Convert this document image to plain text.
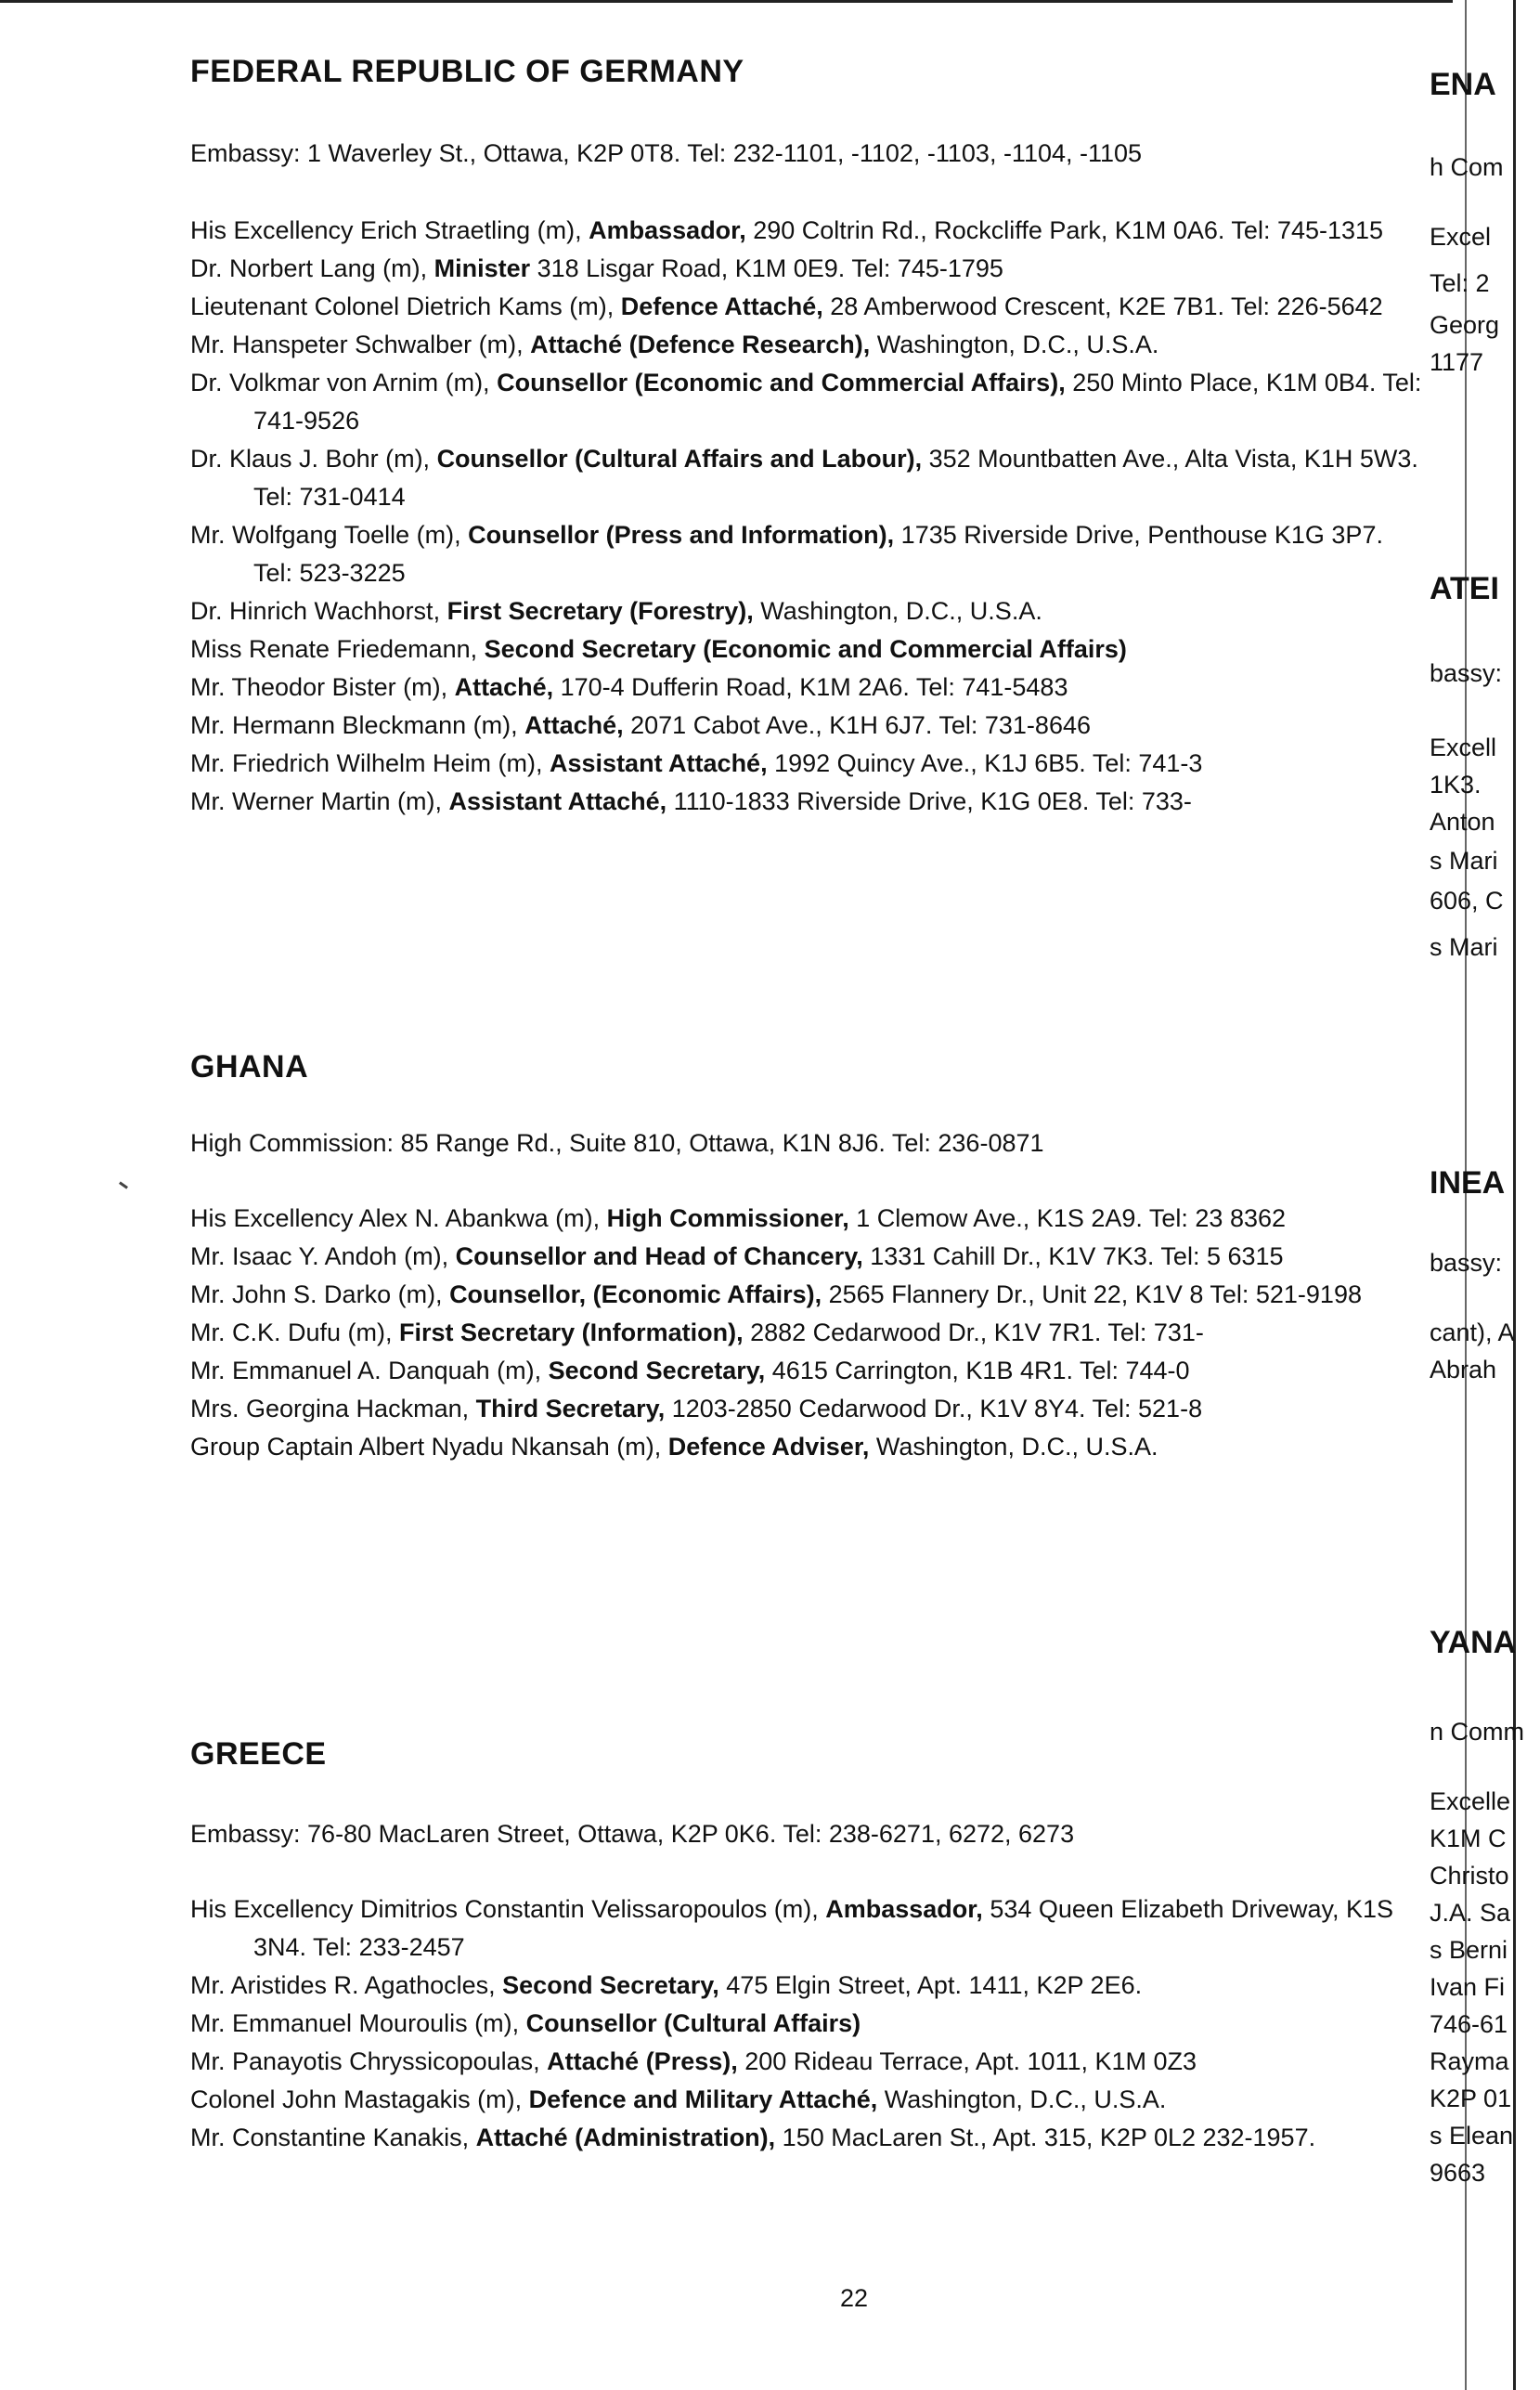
FEDERAL REPUBLIC OF GERMANY
Embassy: 1 Waverley St., Ottawa, K2P 0T8. Tel: 232-1101, -1102, -1103, -1104, -1105
His Excellency Erich Straetling (m), Ambassador, 290 Coltrin Rd., Rockcliffe Park, K1M 0A6. Tel: 745-1315
Dr. Norbert Lang (m), Minister 318 Lisgar Road, K1M 0E9. Tel: 745-1795
Lieutenant Colonel Dietrich Kams (m), Defence Attaché, 28 Amberwood Crescent, K2E 7B1. Tel: 226-5642
Mr. Hanspeter Schwalber (m), Attaché (Defence Research), Washington, D.C., U.S.A.
Dr. Volkmar von Arnim (m), Counsellor (Economic and Commercial Affairs), 250 Minto Place, K1M 0B4. Tel: 741-9526
Dr. Klaus J. Bohr (m), Counsellor (Cultural Affairs and Labour), 352 Mountbatten Ave., Alta Vista, K1H 5W3. Tel: 731-0414
Mr. Wolfgang Toelle (m), Counsellor (Press and Information), 1735 Riverside Drive, Penthouse K1G 3P7. Tel: 523-3225
Dr. Hinrich Wachhorst, First Secretary (Forestry), Washington, D.C., U.S.A.
Miss Renate Friedemann, Second Secretary (Economic and Commercial Affairs)
Mr. Theodor Bister (m), Attaché, 170-4 Dufferin Road, K1M 2A6. Tel: 741-5483
Mr. Hermann Bleckmann (m), Attaché, 2071 Cabot Ave., K1H 6J7. Tel: 731-8646
Mr. Friedrich Wilhelm Heim (m), Assistant Attaché, 1992 Quincy Ave., K1J 6B5. Tel: 741-3
Mr. Werner Martin (m), Assistant Attaché, 1110-1833 Riverside Drive, K1G 0E8. Tel: 733-
GHANA
High Commission: 85 Range Rd., Suite 810, Ottawa, K1N 8J6. Tel: 236-0871
His Excellency Alex N. Abankwa (m), High Commissioner, 1 Clemow Ave., K1S 2A9. Tel: 23 8362
Mr. Isaac Y. Andoh (m), Counsellor and Head of Chancery, 1331 Cahill Dr., K1V 7K3. Tel: 5 6315
Mr. John S. Darko (m), Counsellor, (Economic Affairs), 2565 Flannery Dr., Unit 22, K1V 8 Tel: 521-9198
Mr. C.K. Dufu (m), First Secretary (Information), 2882 Cedarwood Dr., K1V 7R1. Tel: 731-
Mr. Emmanuel A. Danquah (m), Second Secretary, 4615 Carrington, K1B 4R1. Tel: 744-0
Mrs. Georgina Hackman, Third Secretary, 1203-2850 Cedarwood Dr., K1V 8Y4. Tel: 521-8
Group Captain Albert Nyadu Nkansah (m), Defence Adviser, Washington, D.C., U.S.A.
GREECE
Embassy: 76-80 MacLaren Street, Ottawa, K2P 0K6. Tel: 238-6271, 6272, 6273
His Excellency Dimitrios Constantin Velissaropoulos (m), Ambassador, 534 Queen Elizabeth Driveway, K1S 3N4. Tel: 233-2457
Mr. Aristides R. Agathocles, Second Secretary, 475 Elgin Street, Apt. 1411, K2P 2E6.
Mr. Emmanuel Mouroulis (m), Counsellor (Cultural Affairs)
Mr. Panayotis Chryssicopoulas, Attaché (Press), 200 Rideau Terrace, Apt. 1011, K1M 0Z3
Colonel John Mastagakis (m), Defence and Military Attaché, Washington, D.C., U.S.A.
Mr. Constantine Kanakis, Attaché (Administration), 150 MacLaren St., Apt. 315, K2P 0L2 232-1957.
ENA
h Com
Excel
Tel: 2
Georg
1177
ATEI
bassy:
Excell
1K3.
Anton
s Mari
606, C
s Mari
INEA
bassy:
cant), A
Abrah
YANA
n Comm
Excelle
K1M C
Christo
J.A. Sa
s Berni
Ivan Fi
746-61
Rayma
K2P 01
s Elean
9663
22
